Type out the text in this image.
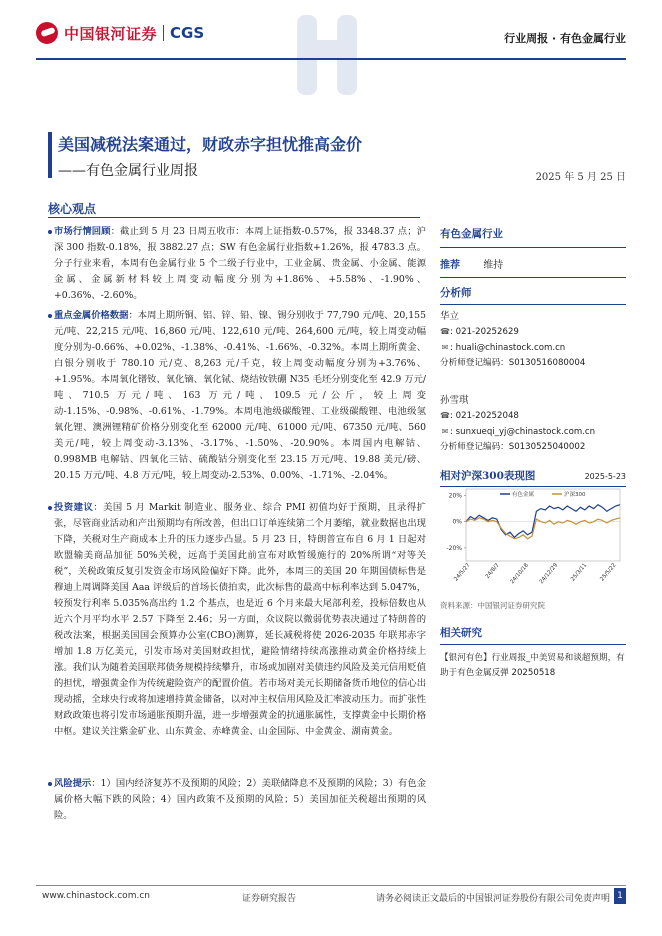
中国银河证券 CGS	行业周报 · 有色金属行业
美国减税法案通过，财政赤字担忧推高金价
——有色金属行业周报	2025 年 5 月 25 日
核心观点
市场行情回顾：截止到 5 月 23 日周五收市：本周上证指数-0.57%，报 3348.37 点；沪深 300 指数-0.18%，报 3882.27 点；SW 有色金属行业指数+1.26%，报 4783.3 点。分子行业来看，本周有色金属行业 5 个二级子行业中，工业金属、贵金属、小金属、能源金属、金属新材料较上周变动幅度分别为+1.86%、+5.58%、-1.90%、+0.36%、-2.60%。
重点金属价格数据：本周上期所铜、铝、锌、铅、镍、锡分别收于 77,790 元/吨、20,155 元/吨、22,215 元/吨、16,860 元/吨、122,610 元/吨、264,600 元/吨，较上周变动幅度分别为-0.66%、+0.02%、-1.38%、-0.41%、-1.66%、-0.32%。本周上期所黄金、白银分别收于 780.10 元/克、8,263 元/千克，较上周变动幅度分别为+3.76%、+1.95%。本周氧化镨钕、氧化镝、氧化铽、烧结钕铁硼 N35 毛坯分别变化至 42.9 万元/吨、710.5 万元/吨、163 万元/吨、109.5 元/公斤，较上周变动-1.15%、-0.98%、-0.61%、-1.79%。本周电池级碳酸锂、工业级碳酸锂、电池级氢氧化锂、澳洲锂精矿价格分别变化至 62000 元/吨、61000 元/吨、67350 元/吨、560 美元/吨，较上周变动-3.13%、-3.17%、-1.50%、-20.90%。本周国内电解钴、0.998MB 电解钴、四氧化三钴、硫酸钴分别变化至 23.15 万元/吨、19.88 美元/磅、20.15 万元/吨、4.8 万元/吨，较上周变动-2.53%、0.00%、-1.71%、-2.04%。
投资建议：美国 5 月 Markit 制造业、服务业、综合 PMI 初值均好于预期，且录得扩张，尽管商业活动和产出预期均有所改善，但出口订单连续第二个月萎缩，就业数据也出现下降，关税对生产商成本上升的压力逐步凸显。5 月 23 日，特朗普宣布自 6 月 1 日起对欧盟输美商品加征 50%关税，远高于美国此前宣布对欧暂缓施行的 20%所谓“对等关税”，关税政策反复引发资金市场风险偏好下降。此外，本周三的美国 20 年期国债标售是穆迪上周调降美国 Aaa 评级后的首场长债拍卖，此次标售的最高中标利率达到 5.047%，较预发行利率 5.035%高出约 1.2 个基点，也是近 6 个月来最大尾部利差，投标倍数也从近六个月平均水平 2.57 下降至 2.46；另一方面，众议院以微弱优势表决通过了特朗普的税改法案，根据美国国会预算办公室(CBO)测算，延长减税将使 2026-2035 年联邦赤字增加 1.8 万亿美元，引发市场对美国财政担忧，避险情绪持续高涨推动黄金价格持续上涨。我们认为随着美国联邦债务规模持续攀升，市场或加剧对美债违约风险及美元信用贬值的担忧，增强黄金作为传统避险资产的配置价值。若市场对美元长期储备货币地位的信心出现动摇，全球央行或将加速增持黄金储备，以对冲主权信用风险及汇率波动压力。而扩张性财政政策也将引发市场通胀预期升温，进一步增强黄金的抗通胀属性，支撑黄金中长期价格中枢。建议关注紫金矿业、山东黄金、赤峰黄金、山金国际、中金黄金、湖南黄金。
风险提示：1）国内经济复苏不及预期的风险；2）美联储降息不及预期的风险；3）有色金属价格大幅下跌的风险；4）国内政策不及预期的风险；5）美国加征关税超出预期的风险。
有色金属行业
推荐 维持
分析师
华立
☎: 021-20252629
✉ : huali@chinastock.com.cn
分析师登记编码：S0130516080004
孙雪琪
☎: 021-20252048
✉ : sunxueqi_yj@chinastock.com.cn
分析师登记编码：S0130525040002
相对沪深300表现图	2025-5-23
20%
0%
-20%
有色金属	沪深300
24/5/27 24/8/7 24/10/18 24/12/29 25/3/11 25/5/22
资料来源：中国银河证券研究院
相关研究
【银河有色】行业周报_中美贸易和谈超预期，有助于有色金属反弹 20250518
www.chinastock.com.cn	证券研究报告	请务必阅读正文最后的中国银河证券股份有限公司免责声明 1
